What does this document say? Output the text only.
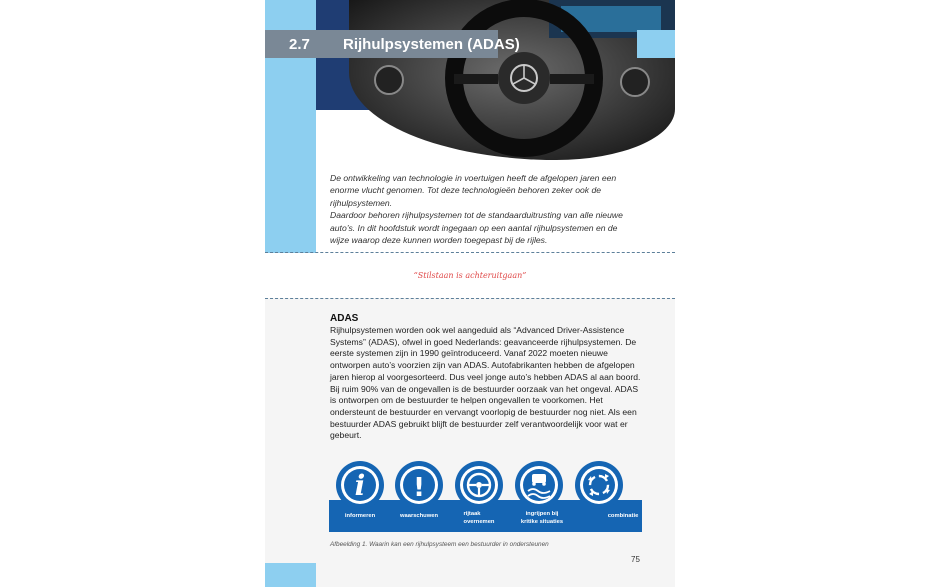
2.7 Rijhulpsystemen (ADAS)

De ontwikkeling van technologie in voertuigen heeft de afgelopen jaren een enorme vlucht genomen. Tot deze technologieën behoren zeker ook de rijhulpsystemen.

Daardoor behoren rijhulpsystemen tot de standaarduitrusting van alle nieuwe auto’s. In dit hoofdstuk wordt ingegaan op een aantal rijhulpsystemen en de wijze waarop deze kunnen worden toegepast bij de rijles.

“Stilstaan is achteruitgaan”
ADAS
Rijhulpsystemen worden ook wel aangeduid als “Advanced Driver-Assistence Systems” (ADAS), ofwel in goed Nederlands: geavanceerde rijhulpsystemen. De eerste systemen zijn in 1990 geïntroduceerd. Vanaf 2022 moeten nieuwe ontworpen auto’s voorzien zijn van ADAS. Autofabrikanten hebben de afgelopen jaren hierop al voorgesorteerd. Dus veel jonge auto’s hebben ADAS al aan boord. Bij ruim 90% van de ongevallen is de bestuurder oorzaak van het ongeval. ADAS is ontworpen om de bestuurder te helpen ongevallen te voorkomen. Het ondersteunt de bestuurder en vervangt voorlopig de bestuurder nog niet. Als een bestuurder ADAS gebruikt blijft de bestuurder zelf verantwoordelijk voor wat er gebeurt.
i !
informeren	waarschuwen	rijtaak
overnemen
ingrijpen bij
kritike situaties
combinatie
Afbeelding 1. Waarin kan een rijhulpsysteem een bestuurder in ondersteunen
75
